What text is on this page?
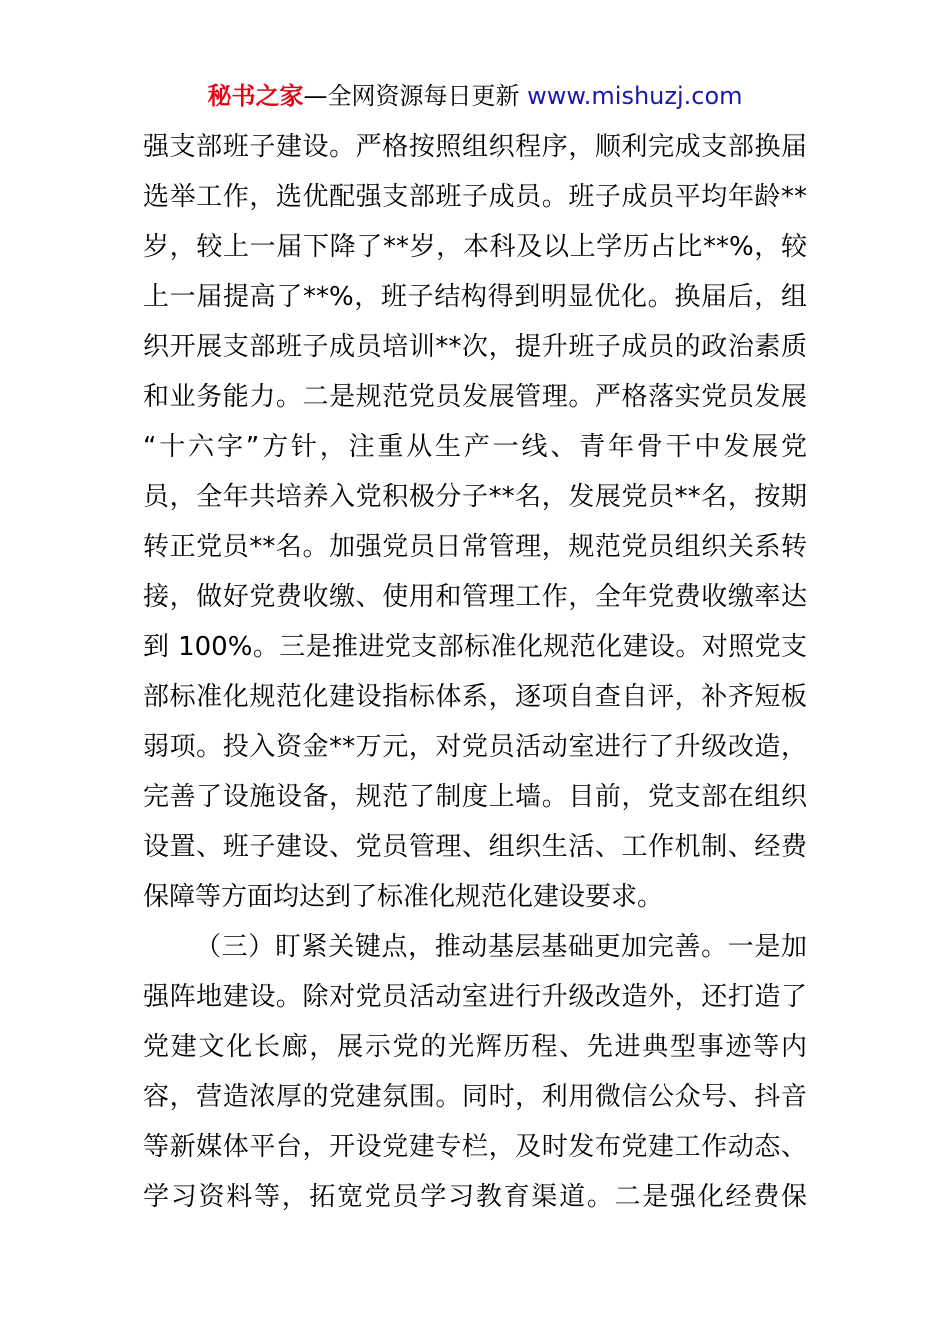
秘书之家—全网资源每日更新 www.mishuzj.com
强支部班子建设。严格按照组织程序，顺利完成支部换届
选举工作，选优配强支部班子成员。班子成员平均年龄**
岁，较上一届下降了**岁，本科及以上学历占比**%，较
上一届提高了**%，班子结构得到明显优化。换届后，组
织开展支部班子成员培训**次，提升班子成员的政治素质
和业务能力。二是规范党员发展管理。严格落实党员发展
“十六字”方针，注重从生产一线、青年骨干中发展党
员，全年共培养入党积极分子**名，发展党员**名，按期
转正党员**名。加强党员日常管理，规范党员组织关系转
接，做好党费收缴、使用和管理工作，全年党费收缴率达
到 100%。三是推进党支部标准化规范化建设。对照党支
部标准化规范化建设指标体系，逐项自查自评，补齐短板
弱项。投入资金**万元，对党员活动室进行了升级改造，
完善了设施设备，规范了制度上墙。目前，党支部在组织
设置、班子建设、党员管理、组织生活、工作机制、经费
保障等方面均达到了标准化规范化建设要求。
（三）盯紧关键点，推动基层基础更加完善。一是加
强阵地建设。除对党员活动室进行升级改造外，还打造了
党建文化长廊，展示党的光辉历程、先进典型事迹等内
容，营造浓厚的党建氛围。同时，利用微信公众号、抖音
等新媒体平台，开设党建专栏，及时发布党建工作动态、
学习资料等，拓宽党员学习教育渠道。二是强化经费保
